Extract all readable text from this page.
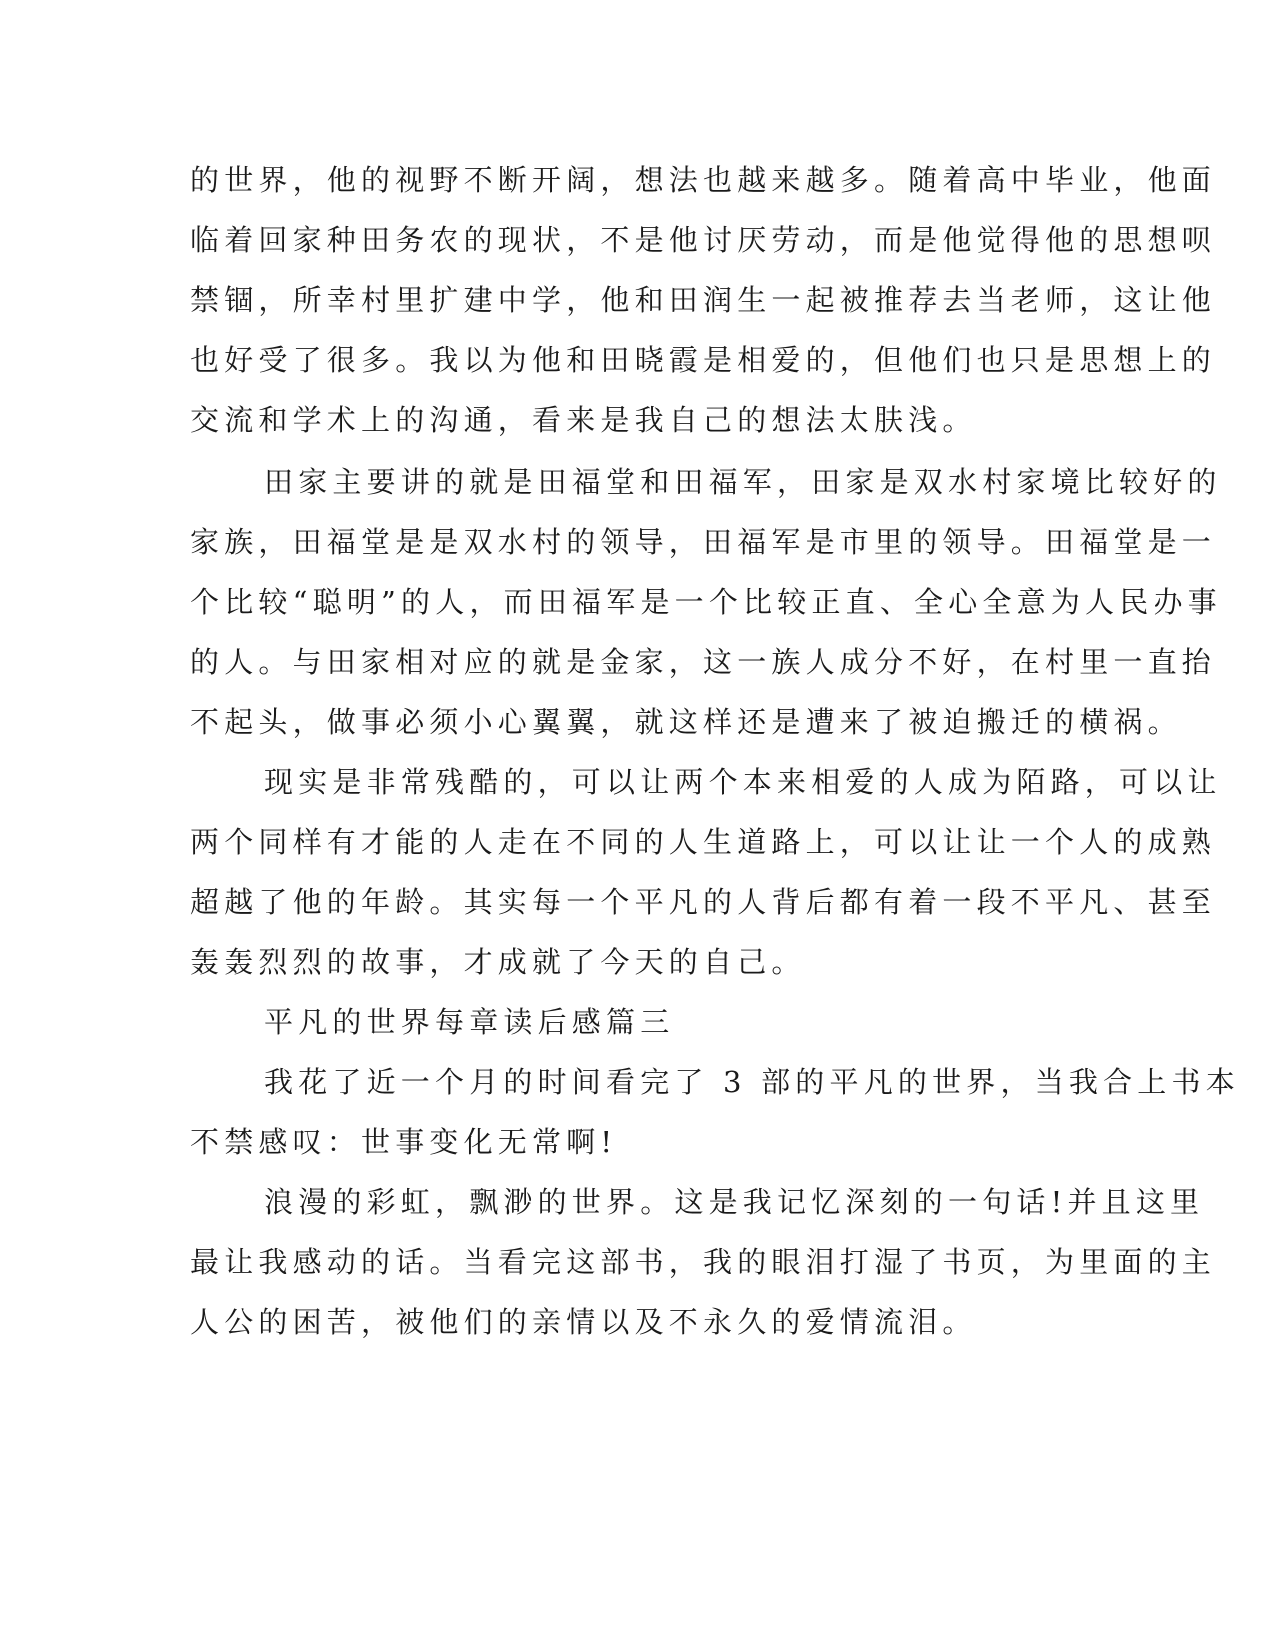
的世界，他的视野不断开阔，想法也越来越多。随着高中毕业，他面
临着回家种田务农的现状，不是他讨厌劳动，而是他觉得他的思想呗
禁锢，所幸村里扩建中学，他和田润生一起被推荐去当老师，这让他
也好受了很多。我以为他和田晓霞是相爱的，但他们也只是思想上的
交流和学术上的沟通，看来是我自己的想法太肤浅。
田家主要讲的就是田福堂和田福军，田家是双水村家境比较好的
家族，田福堂是是双水村的领导，田福军是市里的领导。田福堂是一
个比较“聪明”的人，而田福军是一个比较正直、全心全意为人民办事
的人。与田家相对应的就是金家，这一族人成分不好，在村里一直抬
不起头，做事必须小心翼翼，就这样还是遭来了被迫搬迁的横祸。
现实是非常残酷的，可以让两个本来相爱的人成为陌路，可以让
两个同样有才能的人走在不同的人生道路上，可以让让一个人的成熟
超越了他的年龄。其实每一个平凡的人背后都有着一段不平凡、甚至
轰轰烈烈的故事，才成就了今天的自己。
平凡的世界每章读后感篇三
我花了近一个月的时间看完了 3 部的平凡的世界，当我合上书本
不禁感叹：世事变化无常啊!
浪漫的彩虹，飘渺的世界。这是我记忆深刻的一句话!并且这里
最让我感动的话。当看完这部书，我的眼泪打湿了书页，为里面的主
人公的困苦，被他们的亲情以及不永久的爱情流泪。
